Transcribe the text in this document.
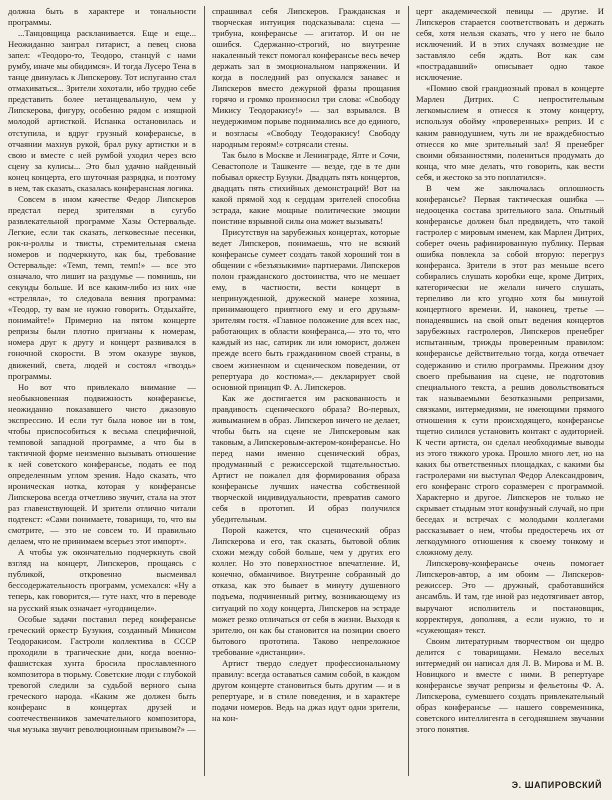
должна быть в характере и тональности программы.

...Танцовщица раскланивается. Еще и еще... Неожиданно заиграл гитарист, а певец снова запел: «Теодоро-то, Теодоро, станцуй с нами румбу, иначе мы обидимся». И тогда Лусеро Тена в танце двинулась к Липскерову. Тот испуганно стал отмахиваться... Зрители хохотали, ибо трудно себе представить более нетанцевальную, чем у Липскерова, фигуру, особенно рядом с изящной молодой артисткой. Испанка остановилась и отступила, и вдруг грузный конферансье, в отчаянии махнув рукой, брал руку артистки и в свою и вместе с ней румбой уходил через всю сцену за кулисы... Это был удачно найденный конец концерта, его шуточная разрядка, и поэтому в нем, так сказать, сказалась конферансная логика.

Совсем в ином качестве Федор Липскеров предстал перед зрителями в сугубо развлекательной программе Хазы Остервальде. Легкие, если так сказать, легковесные песенки, рок-н-роллы и твисты, стремительная смена номеров и подчеркнуто, как бы, требование Остервальде: «Темп, темп, темп!» — все это означало, что лишит на раздумье — помнишь, ни секунды больше. И все каким-либо из них «не «стреляла», то следовала веяния программа: «Теодор, ту вам не нужно говорить. Отдыхайте, понимайте!» Примерно на пятом концерте репризы были плотно пригнаны к номерам, номера друг к другу и концерт развивался в гоночной скорости. В этом оказуре звуков, движений, света, людей и состоял «гвоздь» программы.

Но вот что привлекало внимание — необыкновенная подвижность конферансье, неожиданно показавшего чисто джазовую экспрессию. И если тут была новое ни в том, чтобы приспособиться к весьма специфичной, темповой западной программе, а что бы в тактичной форме неизменно вызывать отношение к ней советского конферансье, подать ее под определенным углом зрения. Надо сказать, что ироническая нотка, которая у конферансье Липскерова всегда отчетливо звучит, стала на этот раз главенствующей. И зрители отлично читали подтекст: «Сами понимаете, товарищи, то, что вы смотрите, — это не совсем то. И правильно делаем, что не принимаем всерьез этот импорт».

А чтобы уж окончательно подчеркнуть свой взгляд на концерт, Липскеров, прощаясь с публикой, откровенно высмеивал бессодержательность программ, усмехался: «Ну а теперь, как говорится,— гуте нахт, что в переводе на русский язык означает «угодницели».

Особые задачи поставил перед конферансье греческий оркестр Бузукия, созданный Микисом Теодоракисом. Гастроли коллектива в СССР проходили в трагические дни, когда военно-фашистская хунта бросила прославленного композитора в тюрьму. Советские люди с глубокой тревогой следили за судьбой верного сына греческого народа. «Каким же должен быть конферанс в концертах друзей и соотечественников замечательного композитора, чья музыка звучит революционным призывом?» —

спрашивал себя Липскеров. Гражданская и творческая интуиция подсказывала: сцена — трибуна, конферансье — агитатор. И он не ошибся. Сдержанно-строгий, но внутренне накаленный текст помогал конферансье весь вечер держать зал в эмоциональном напряжении. И когда в последний раз опускался занавес и Липскеров вместо дежурной фразы прощания горячо и громко произносил три слова: «Свободу Микису Теодоракису!» — зал взрывался. В неудержимом порыве поднимались все до единого, и возгласы «Свободу Теодоракису! Свободу народным героям!» сотрясали стены.

Так было в Москве и Ленинграде, Ялте и Сочи, Севастополе и Ташкенте — везде, где в те дни побывал оркестр Бузуки. Двадцать пять концертов, двадцать пять стихийных демонстраций! Вот на какой прямой ход к сердцам зрителей способна эстрада, какие мощные политические эмоции поистине взрывной силы она может вызывать!

Присутствуя на зарубежных концертах, которые ведет Липскеров, понимаешь, что не всякий конферансье сумеет создать такой хороший тон в общении с «безъязыкими» партнерами. Липскеров полон гражданского достоинства, что не мешает ему, в частности, вести концерт в непринужденной, дружеской манере хозяина, принимающего приятного ему и его друзьям-зрителям гостя. «Главное положение для всех нас, работающих в области конферанса,— это то, что каждый из нас, сатирик ли или юморист, должен прежде всего быть гражданином своей страны, в своем жизненном и сценическом поведении, от репертуара до костюма»,— декларирует свой основной принцип Ф. А. Липскеров.

Как же достигается им раскованность и правдивость сценического образа? Во-первых, живыманием в образ. Липскеров ничего не делает, чтобы быть на сцене не Липскеровым как таковым, а Липскеровым-актером-конферансье. Но перед нами именно сценический образ, продуманный с режиссерской тщательностью. Артист не пожалел для формирования образа конферансье лучших начества собственной творческой индивидуальности, превратив самого себя в прототип. И образ получился убедительным.

Порой кажется, что сценический образ Липскерова и его, так сказать, бытовой облик схожи между собой больше, чем у других его коллег. Но это поверхностное впечатление. И, конечно, обманчивое. Внутренне собранный до отказа, как это бывает в минуту душевного подъема, подчиненный ритму, возникающему из ситуаций по ходу концерта, Липскеров на эстраде может резко отличаться от себя в жизни. Выходя к зрителю, он как бы становится на позиции своего бытового прототипа. Таково непреложное требование «дистанции».

Артист твердо следует профессиональному правилу: всегда оставаться самим собой, в каждом другом концерте становиться быть другим — и в репертуаре, и в стиле поведения, и в характере подачи номеров. Ведь на джаз идут одни зрители, на кон-

церт академической певицы — другие. И Липскеров старается соответствовать и держать себя, хотя нельзя сказать, что у него не было исключений. И в этих случаях возмездие не заставляло себя ждать. Вот как сам «пострадавший» описывает одно такое исключение.

«Помню свой грандиозный провал в концерте Марлен Дитрих. С непростительным легкомыслием я отнесся к этому концерту, используя обойму «проверенных» реприз. И с каким равнодушием, чуть ли не враждебностью отнесся ко мне зрительный зал! Я пренебрег своими обязанностями, полениться продумать до конца, что мне делать, что говорить, как вести себя, и жестоко за это поплатился».

В чем же заключалась оплошность конферансье? Первая тактическая ошибка — недооценка состава зрительного зала. Опытный конферансье должен был предвидеть, что такой гастролер с мировым именем, как Марлен Дитрих, соберет очень рафинированную публику. Первая ошибка повлекла за собой вторую: перегруз конферанса. Зрители в этот раз меньше всего собирались слушать коробки еще, кроме Дитрих, категорически не желали ничего слушать, терпеливо ли кто угодно хотя бы минутой концертного времени. И, наконец, третье — понадеявшись на свой опыт ведения концертов зарубежных гастролеров, Липскеров пренебрег испытанным, трижды проверенным правилом: конферансье действительно тогда, когда отвечает содержанию и стилю программы. Прежним дзоу своего пребывания на сцене, не подготовив специального текста, а решив довольствоваться так называемыми безотказными репризами, связками, интермедиями, не имеющими прямого отношения к сути происходящего, конферансье тщетно силился установить контакт с аудиторией. К чести артиста, он сделал необходимые выводы из этого тяжкого урока. Прошло много лет, но на каких бы ответственных площадках, с какими бы гастролерами ни выступал Федор Александрович, его конферанс строго соразмерен с программой. Характерно и другое. Липскеров не только не скрывает стыдным этот конфузный случай, но при беседах и встречах с молодыми коллегами рассказывает о нем, чтобы предостеречь их от легкодумного отношения к своему тонкому и сложному делу.

Липскерову-конферансье очень помогает Липскеров-автор, а им обоим — Липскеров-режиссер. Это — дружный, сработавшийся ансамбль. И там, где иной раз недотягивает автор, выручают исполнитель и постановщик, корректируя, дополняя, а если нужно, то и «сужеющая» текст.

Своим литературным творчеством он щедро делится с товарищами. Немало веселых интермедий он написал для Л. В. Мирова и М. В. Новицкого и вместе с ними. В репертуаре конферансье звучат репризы и фельетоны Ф. А. Липскерова, сумевшего создать привлекательный образ конферансье — нашего современника, советского интеллигента в сегодняшнем звучании этого понятия.

Э. ШАПИРОВСКИЙ
